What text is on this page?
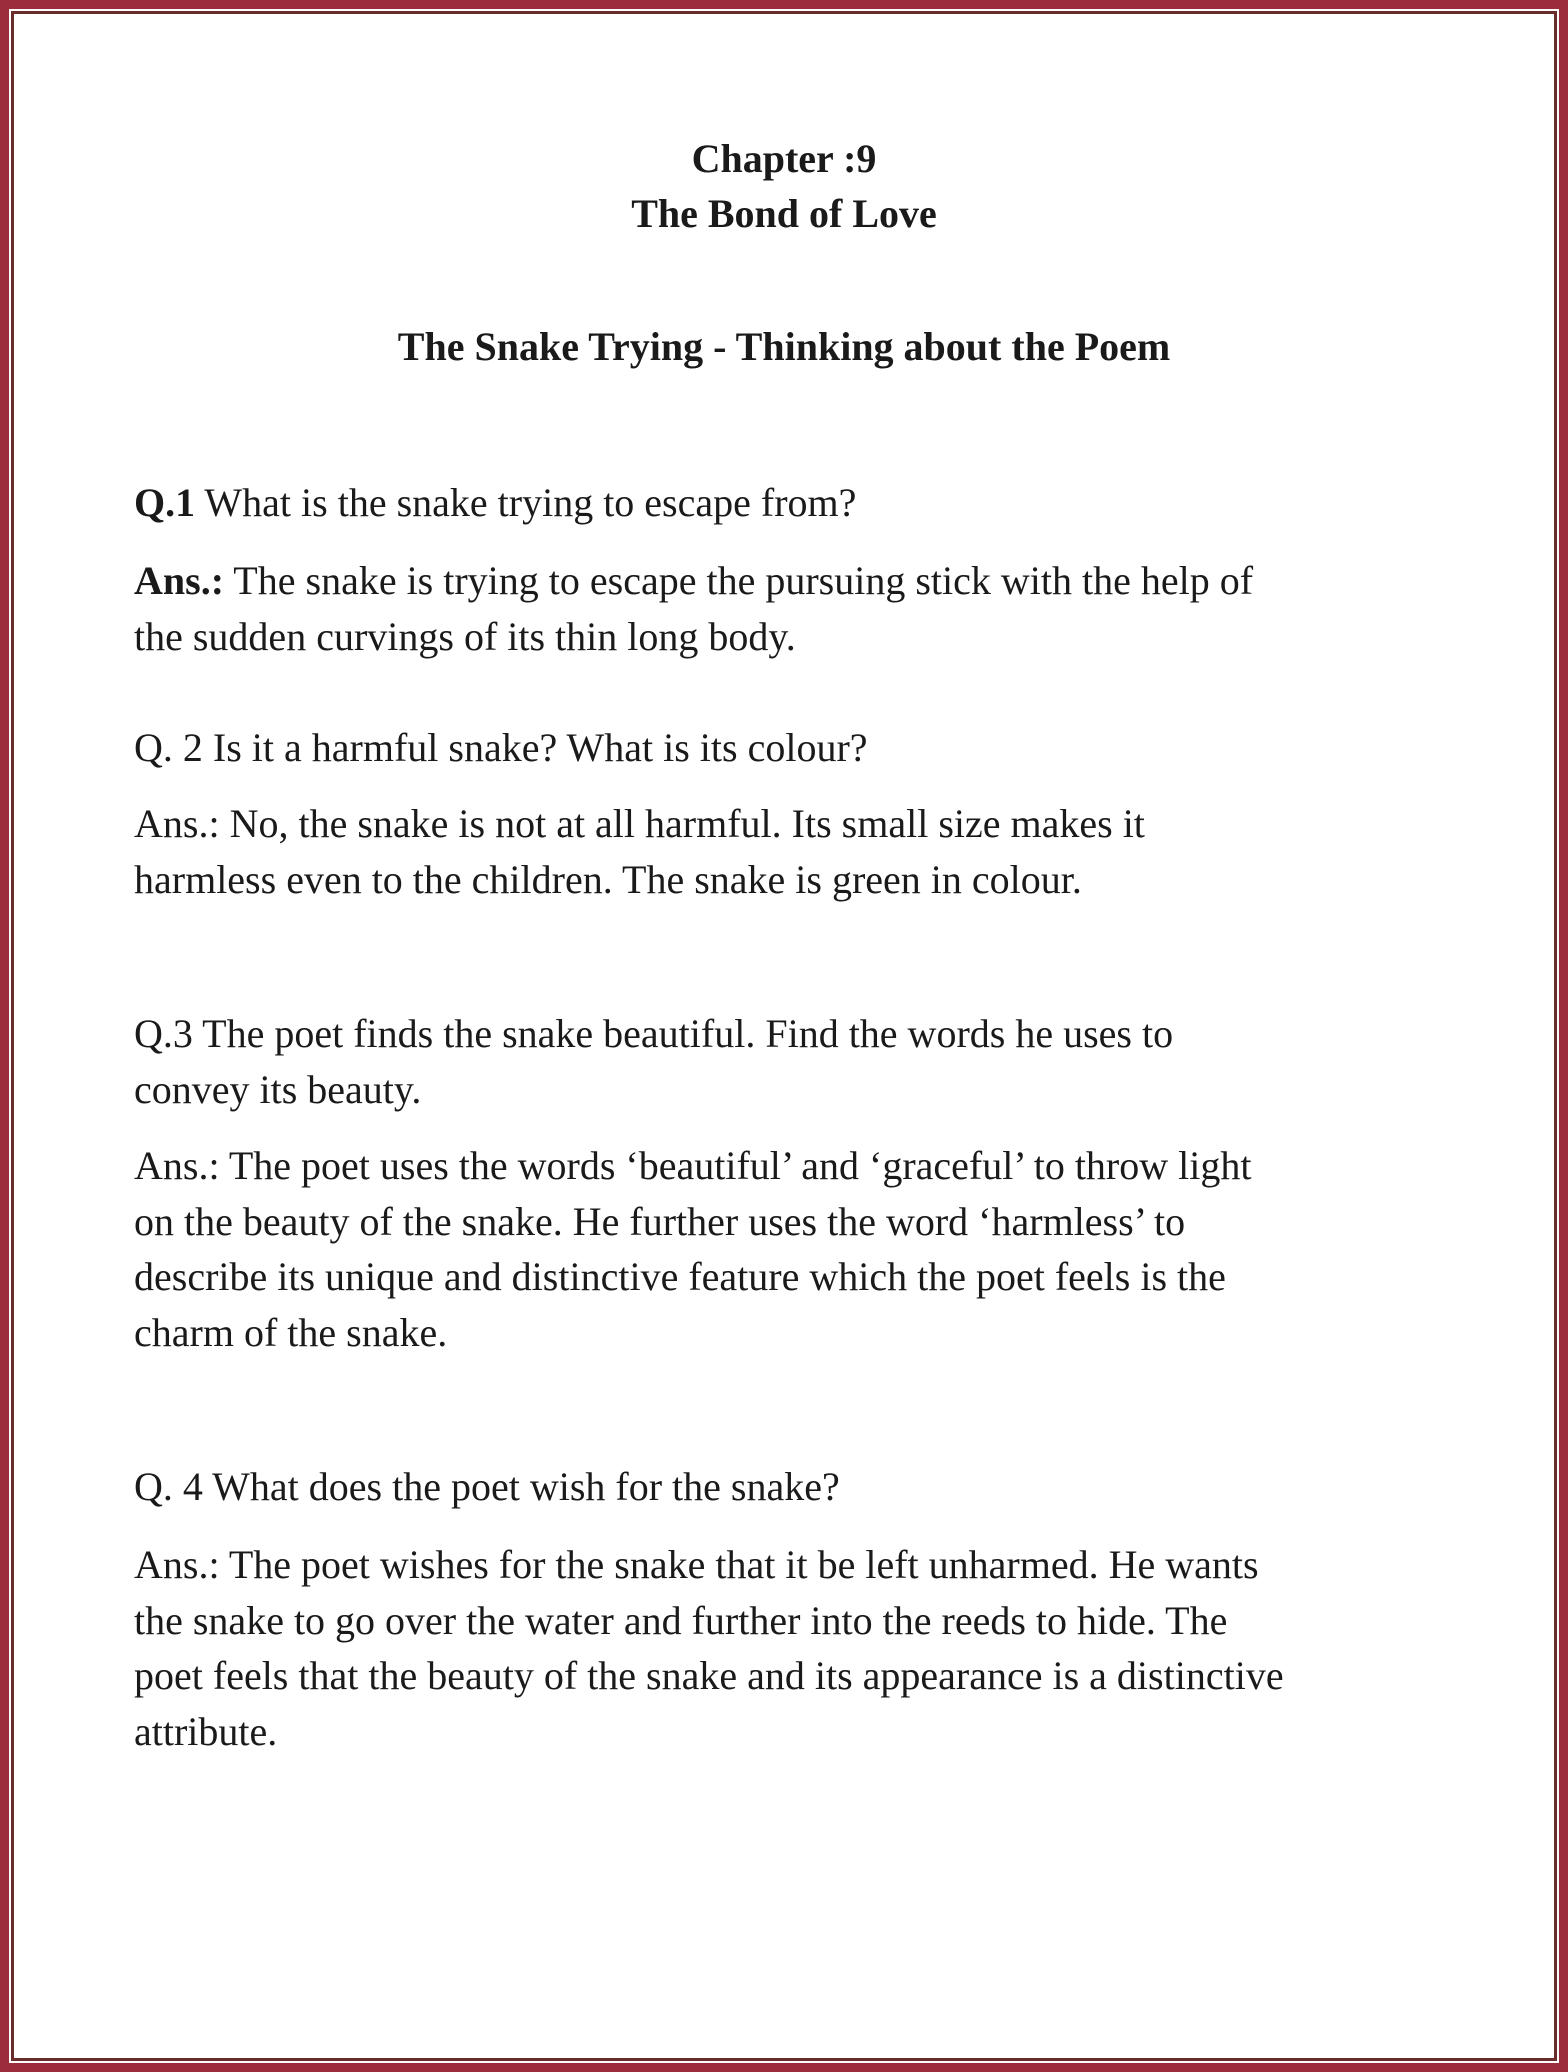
Chapter :9
The Bond of Love
The Snake Trying - Thinking about the Poem
Q.1 What is the snake trying to escape from?
Ans.: The snake is trying to escape the pursuing stick with the help of
the sudden curvings of its thin long body.
Q. 2 Is it a harmful snake? What is its colour?
Ans.: No, the snake is not at all harmful. Its small size makes it
harmless even to the children. The snake is green in colour.
Q.3 The poet finds the snake beautiful. Find the words he uses to
convey its beauty.
Ans.: The poet uses the words ‘beautiful’ and ‘graceful’ to throw light
on the beauty of the snake. He further uses the word ‘harmless’ to
describe its unique and distinctive feature which the poet feels is the
charm of the snake.
Q. 4 What does the poet wish for the snake?
Ans.: The poet wishes for the snake that it be left unharmed. He wants
the snake to go over the water and further into the reeds to hide. The
poet feels that the beauty of the snake and its appearance is a distinctive
attribute.
